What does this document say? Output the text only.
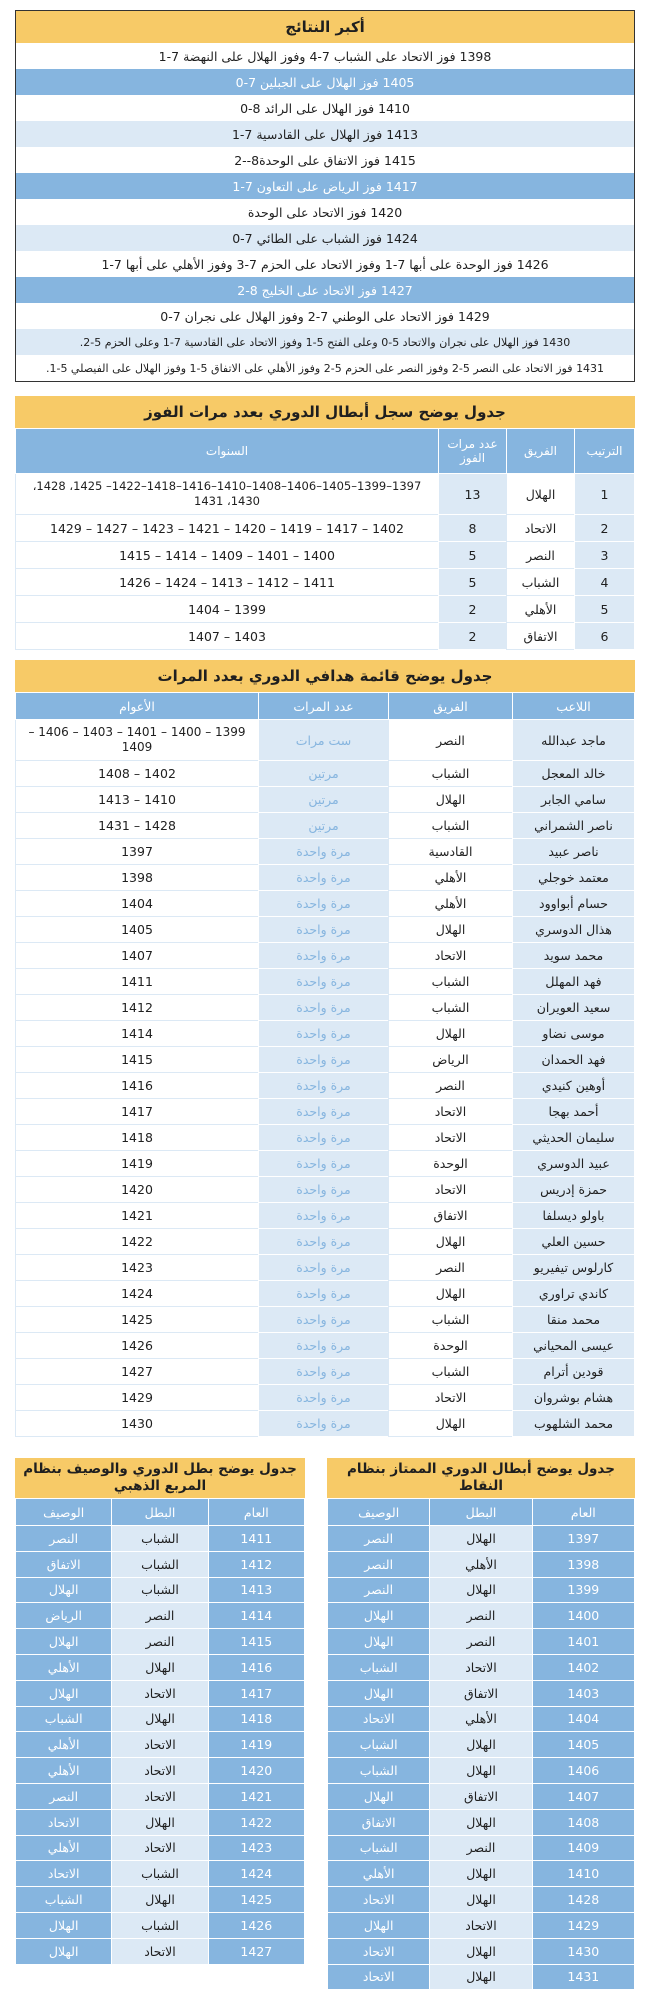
أكبر النتائج
1398 فوز الاتحاد على الشباب 7-4 وفوز الهلال على النهضة 7-1
1405 فوز الهلال على الجبلين 7-0
1410 فوز الهلال على الرائد 8-0
1413 فوز الهلال على القادسية 7-1
1415 فوز الاتفاق على الوحدة8--2
1417 فوز الرياض على التعاون 7-1
1420 فوز الاتحاد على الوحدة
1424 فوز الشباب على الطائي 7-0
1426 فوز الوحدة على أبها 7-1 وفوز الاتحاد على الحزم 7-3 وفوز الأهلي على أبها 7-1
1427 فوز الاتحاد على الخليج 8-2
1429 فوز الاتحاد على الوطني 7-2 وفوز الهلال على نجران 7-0
1430 فوز الهلال على نجران والاتحاد 5-0 وعلى الفتح 5-1 وفوز الاتحاد على القادسية 7-1 وعلى الحزم 5-2.
1431 فوز الاتحاد على النصر 5-2 وفوز النصر على الحزم 5-2 وفوز الأهلي على الاتفاق 5-1 وفوز الهلال على الفيصلي 5-1.
جدول يوضح سجل أبطال الدوري بعدد مرات الفوز
الترتيب	الفريق	عدد مرات الفوز	السنوات
1	الهلال	13	1397–1399–1405–1406–1408–1410–1416–1418–1422– 1425، 1428، 1430، 1431
2	الاتحاد	8	1402 – 1417 – 1419 – 1420 – 1421 – 1423 – 1427 – 1429
3	النصر	5	1400 – 1401 – 1409 – 1414 – 1415
4	الشباب	5	1411 – 1412 – 1413 – 1424 – 1426
5	الأهلي	2	1399 – 1404
6	الاتفاق	2	1403 – 1407
جدول يوضح قائمة هدافي الدوري بعدد المرات
اللاعب	الفريق	عدد المرات	الأعوام
ماجد عبدالله	النصر	ست مرات	1399 – 1400 – 1401 – 1403 – 1406 – 1409
خالد المعجل	الشباب	مرتين	1402 – 1408
سامي الجابر	الهلال	مرتين	1410 – 1413
ناصر الشمراني	الشباب	مرتين	1428 – 1431
ناصر عبيد	القادسية	مرة واحدة	1397
معتمد خوجلي	الأهلي	مرة واحدة	1398
حسام أبواوود	الأهلي	مرة واحدة	1404
هذال الدوسري	الهلال	مرة واحدة	1405
محمد سويد	الاتحاد	مرة واحدة	1407
فهد المهلل	الشباب	مرة واحدة	1411
سعيد العويران	الشباب	مرة واحدة	1412
موسى نضاو	الهلال	مرة واحدة	1414
فهد الحمدان	الرياض	مرة واحدة	1415
أوهين كنيدي	النصر	مرة واحدة	1416
أحمد بهجا	الاتحاد	مرة واحدة	1417
سليمان الحديثي	الاتحاد	مرة واحدة	1418
عبيد الدوسري	الوحدة	مرة واحدة	1419
حمزة إدريس	الاتحاد	مرة واحدة	1420
باولو ديسلفا	الاتفاق	مرة واحدة	1421
حسين العلي	الهلال	مرة واحدة	1422
كارلوس تيفيريو	النصر	مرة واحدة	1423
كاندي تراوري	الهلال	مرة واحدة	1424
محمد منقا	الشباب	مرة واحدة	1425
عيسى المحياني	الوحدة	مرة واحدة	1426
قودين أترام	الشباب	مرة واحدة	1427
هشام بوشروان	الاتحاد	مرة واحدة	1429
محمد الشلهوب	الهلال	مرة واحدة	1430
جدول يوضح أبطال الدوري الممتاز بنظام النقاط
العام	البطل	الوصيف
1397	الهلال	النصر
1398	الأهلي	النصر
1399	الهلال	النصر
1400	النصر	الهلال
1401	النصر	الهلال
1402	الاتحاد	الشباب
1403	الاتفاق	الهلال
1404	الأهلي	الاتحاد
1405	الهلال	الشباب
1406	الهلال	الشباب
1407	الاتفاق	الهلال
1408	الهلال	الاتفاق
1409	النصر	الشباب
1410	الهلال	الأهلي
1428	الهلال	الاتحاد
1429	الاتحاد	الهلال
1430	الهلال	الاتحاد
1431	الهلال	الاتحاد
جدول يوضح بطل الدوري والوصيف بنظام المربع الذهبي
العام	البطل	الوصيف
1411	الشباب	النصر
1412	الشباب	الاتفاق
1413	الشباب	الهلال
1414	النصر	الرياض
1415	النصر	الهلال
1416	الهلال	الأهلي
1417	الاتحاد	الهلال
1418	الهلال	الشباب
1419	الاتحاد	الأهلي
1420	الاتحاد	الأهلي
1421	الاتحاد	النصر
1422	الهلال	الاتحاد
1423	الاتحاد	الأهلي
1424	الشباب	الاتحاد
1425	الهلال	الشباب
1426	الشباب	الهلال
1427	الاتحاد	الهلال
